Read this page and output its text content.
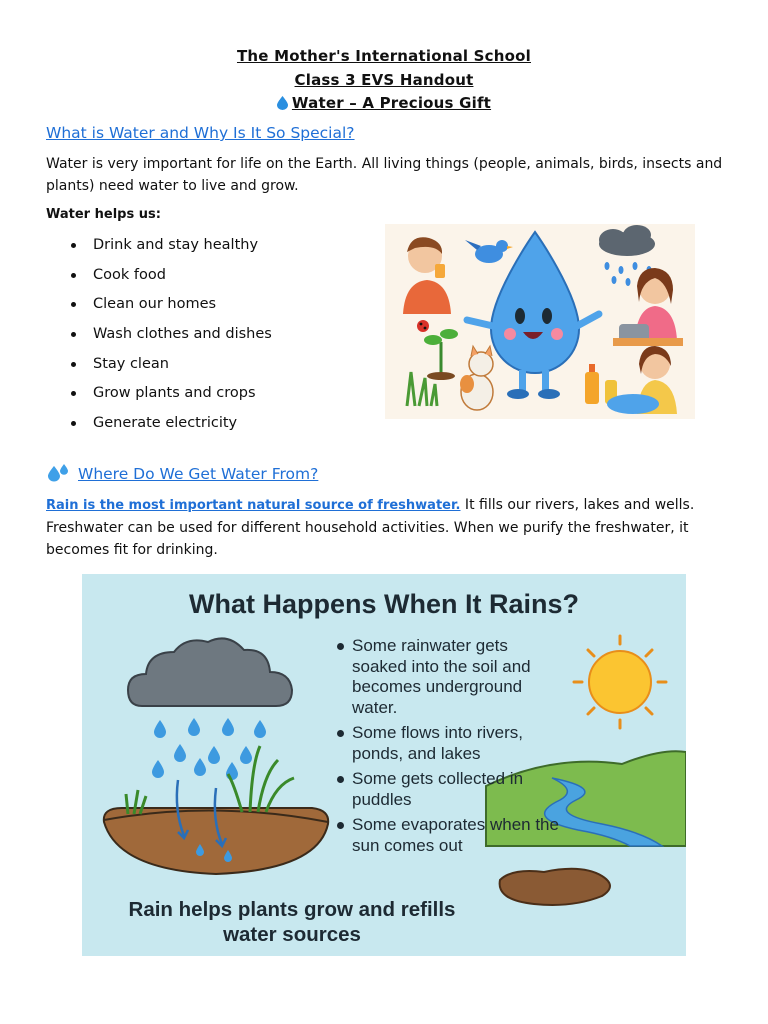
The Mother's International School
Class 3 EVS Handout
Water – A Precious Gift
What is Water and Why Is It So Special?
Water is very important for life on the Earth. All living things (people, animals, birds, insects and plants) need water to live and grow.
Water helps us:
Drink and stay healthy
Cook food
Clean our homes
Wash clothes and dishes
Stay clean
Grow plants and crops
Generate electricity
Where Do We Get Water From?
Rain is the most important natural source of freshwater. It fills our rivers, lakes and wells. Freshwater can be used for different household activities. When we purify the freshwater, it becomes fit for drinking.
What Happens When It Rains?
Some rainwater gets soaked into the soil and becomes underground water.
Some flows into rivers, ponds, and lakes
Some gets collected in puddles
Some evaporates when the sun comes out
Rain helps plants grow and refills water sources
